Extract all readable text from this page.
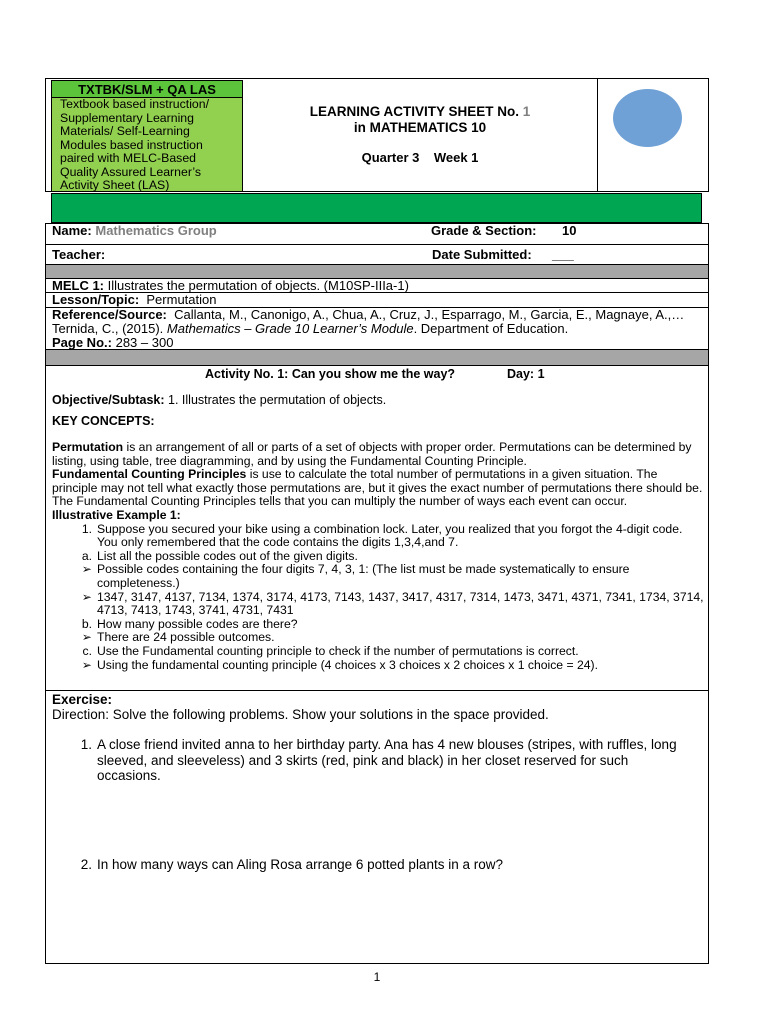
TXTBK/SLM + QA LAS
Textbook based instruction/ Supplementary Learning Materials/ Self-Learning Modules based instruction paired with MELC-Based Quality Assured Learner’s Activity Sheet (LAS)
LEARNING ACTIVITY SHEET No. 1
in MATHEMATICS 10
Quarter 3 Week 1
Name: Mathematics Group	Grade & Section: 10
Teacher:	Date Submitted: ___
MELC 1: Illustrates the permutation of objects. (M10SP-IIIa-1)
Lesson/Topic: Permutation
Reference/Source: Callanta, M., Canonigo, A., Chua, A., Cruz, J., Esparrago, M., Garcia, E., Magnaye, A.,…Ternida, C., (2015). Mathematics – Grade 10 Learner’s Module. Department of Education.
Page No.: 283 – 300
Activity No. 1: Can you show me the way?	Day: 1
Objective/Subtask: 1. Illustrates the permutation of objects.
KEY CONCEPTS:
Permutation is an arrangement of all or parts of a set of objects with proper order. Permutations can be determined by listing, using table, tree diagramming, and by using the Fundamental Counting Principle.
Fundamental Counting Principles is use to calculate the total number of permutations in a given situation. The principle may not tell what exactly those permutations are, but it gives the exact number of permutations there should be. The Fundamental Counting Principles tells that you can multiply the number of ways each event can occur.
Illustrative Example 1:
1. Suppose you secured your bike using a combination lock. Later, you realized that you forgot the 4-digit code. You only remembered that the code contains the digits 1,3,4,and 7.
a. List all the possible codes out of the given digits.
➢ Possible codes containing the four digits 7, 4, 3, 1: (The list must be made systematically to ensure completeness.)
➢ 1347, 3147, 4137, 7134, 1374, 3174, 4173, 7143, 1437, 3417, 4317, 7314, 1473, 3471, 4371, 7341, 1734, 3714, 4713, 7413, 1743, 3741, 4731, 7431
b. How many possible codes are there?
➢ There are 24 possible outcomes.
c. Use the Fundamental counting principle to check if the number of permutations is correct.
➢ Using the fundamental counting principle (4 choices x 3 choices x 2 choices x 1 choice = 24).
Exercise:
Direction: Solve the following problems. Show your solutions in the space provided.
1. A close friend invited anna to her birthday party. Ana has 4 new blouses (stripes, with ruffles, long sleeved, and sleeveless) and 3 skirts (red, pink and black) in her closet reserved for such occasions.
2. In how many ways can Aling Rosa arrange 6 potted plants in a row?
1
